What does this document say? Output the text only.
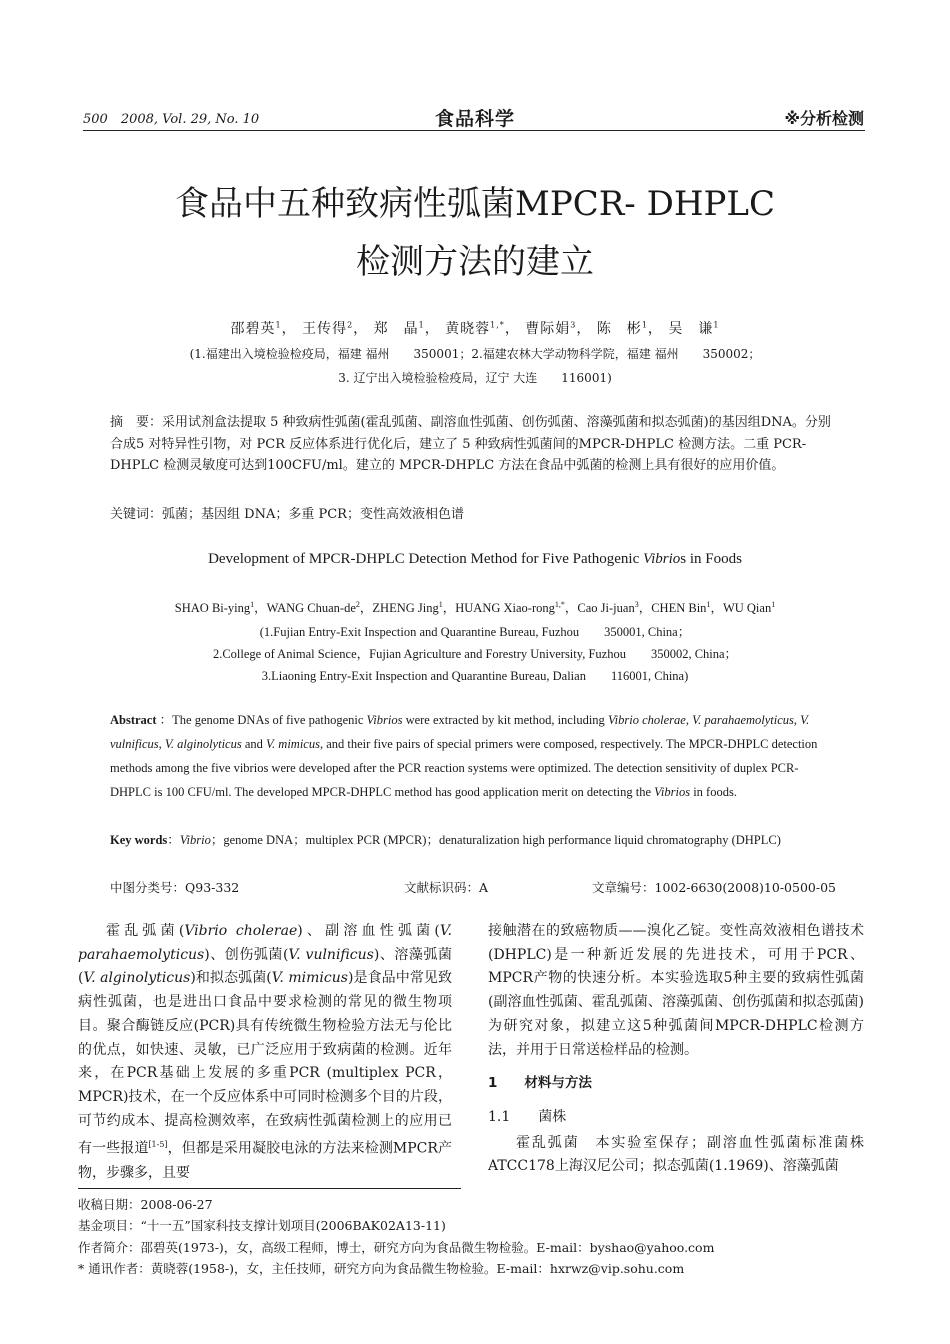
500　2008, Vol. 29, No. 10	食品科学	※分析检测
食品中五种致病性弧菌MPCR- DHPLC
检测方法的建立
邵碧英$^1$， 王传得$^2$， 郑　晶$^1$， 黄晓蓉$^{1,*}$， 曹际娟$^3$， 陈　彬$^1$， 吴　谦$^1$
(1.福建出入境检验检疫局，福建 福州　　350001；2.福建农林大学动物科学院，福建 福州　　350002；
3. 辽宁出入境检验检疫局，辽宁 大连　　116001)
摘　要：采用试剂盒法提取 5 种致病性弧菌(霍乱弧菌、副溶血性弧菌、创伤弧菌、溶藻弧菌和拟态弧菌)的基因组DNA。分别合成5 对特异性引物，对 PCR 反应体系进行优化后，建立了 5 种致病性弧菌间的MPCR-DHPLC 检测方法。二重 PCR-DHPLC 检测灵敏度可达到100CFU/ml。建立的 MPCR-DHPLC 方法在食品中弧菌的检测上具有很好的应用价值。
关键词：弧菌；基因组 DNA；多重 PCR；变性高效液相色谱
Development of MPCR-DHPLC Detection Method for Five Pathogenic Vibrios in Foods
SHAO Bi-ying$^1$，WANG Chuan-$de^2$，ZHENG Jing$^1$，HUANG Xiao-rong$^{1,*}$，Cao Ji-juan$^3$，CHEN Bin$^1$，WU Qian$^1$
(1.Fujian Entry-Exit Inspection and Quarantine Bureau, Fuzhou　　350001, China；
2.College of Animal Science，Fujian Agriculture and Forestry University, Fuzhou　　350002, China；
3.Liaoning Entry-Exit Inspection and Quarantine Bureau, Dalian　　116001, China)
Abstract ：The genome DNAs of five pathogenic Vibrios were extracted by kit method, including Vibrio cholerae, V. parahaemolyticus, V. vulnificus, V. alginolyticus and V. mimicus, and their five pairs of special primers were composed, respectively. The MPCR-DHPLC detection methods among the five vibrios were developed after the PCR reaction systems were optimized. The detection sensitivity of duplex PCR-DHPLC is 100 CFU/ml. The developed MPCR-DHPLC method has good application merit on detecting the Vibrios in foods.
Key words：Vibrio；genome DNA；multiplex PCR (MPCR)；denaturalization high performance liquid chromatography (DHPLC)
中图分类号：Q93-332	文献标识码：A	文章编号：1002-6630(2008)10-0500-05
霍乱弧菌(Vibrio cholerae)、副溶血性弧菌(V. parahaemolyticus)、创伤弧菌(V. vulnificus)、溶藻弧菌(V. alginolyticus)和拟态弧菌(V. mimicus)是食品中常见致病性弧菌，也是进出口食品中要求检测的常见的微生物项目。聚合酶链反应(PCR)具有传统微生物检验方法无与伦比的优点，如快速、灵敏，已广泛应用于致病菌的检测。近年来，在PCR基础上发展的多重PCR (multiplex PCR，MPCR)技术，在一个反应体系中可同时检测多个目的片段，可节约成本、提高检测效率，在致病性弧菌检测上的应用已有一些报道[1-5]，但都是采用凝胶电泳的方法来检测MPCR产物，步骤多，且要
接触潜在的致癌物质——溴化乙锭。变性高效液相色谱技术(DHPLC)是一种新近发展的先进技术，可用于PCR、MPCR产物的快速分析。本实验选取5种主要的致病性弧菌(副溶血性弧菌、霍乱弧菌、溶藻弧菌、创伤弧菌和拟态弧菌)为研究对象，拟建立这5种弧菌间MPCR-DHPLC检测方法，并用于日常送检样品的检测。
1　　 材料与方法
1.1　　 菌株
霍乱弧菌　本实验室保存；副溶血性弧菌标准菌株ATCC178上海汉尼公司；拟态弧菌(1.1969)、溶藻弧菌
收稿日期：2008-06-27
基金项目：“十一五”国家科技支撑计划项目(2006BAK02A13-11)
作者简介：邵碧英(1973-)，女，高级工程师，博士，研究方向为食品微生物检验。E-mail：byshao@yahoo.com
* 通讯作者：黄晓蓉(1958-)，女，主任技师，研究方向为食品微生物检验。E-mail：hxrwz@vip.sohu.com
